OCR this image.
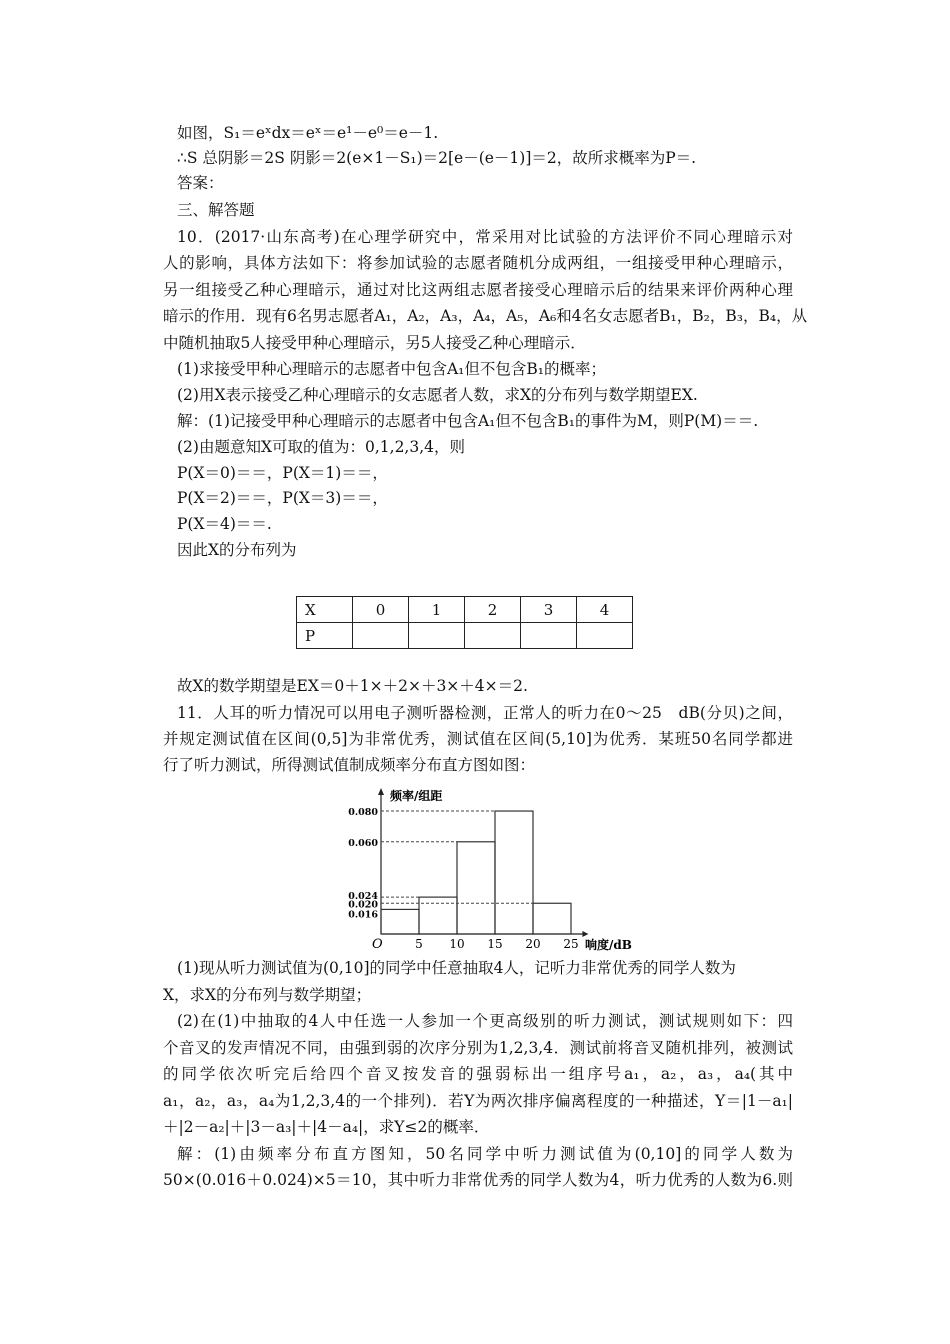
如图，S₁＝eˣdx＝eˣ＝e¹－e⁰＝e－1.
∴S 总阴影＝2S 阴影＝2(e×1－S₁)＝2[e－(e－1)]＝2，故所求概率为P＝.
答案：
三、解答题
10．(2017·山东高考)在心理学研究中，常采用对比试验的方法评价不同心理暗示对
人的影响，具体方法如下：将参加试验的志愿者随机分成两组，一组接受甲种心理暗示，
另一组接受乙种心理暗示，通过对比这两组志愿者接受心理暗示后的结果来评价两种心理
暗示的作用．现有6名男志愿者A₁，A₂，A₃，A₄，A₅，A₆和4名女志愿者B₁，B₂，B₃，B₄，从
中随机抽取5人接受甲种心理暗示，另5人接受乙种心理暗示．
(1)求接受甲种心理暗示的志愿者中包含A₁但不包含B₁的概率；
(2)用X表示接受乙种心理暗示的女志愿者人数，求X的分布列与数学期望EX.
解：(1)记接受甲种心理暗示的志愿者中包含A₁但不包含B₁的事件为M，则P(M)＝＝.
(2)由题意知X可取的值为：0,1,2,3,4，则
P(X＝0)＝＝，P(X＝1)＝＝，
P(X＝2)＝＝，P(X＝3)＝＝，
P(X＝4)＝＝.
因此X的分布列为
X	0	1	2	3	4
P					
故X的数学期望是EX＝0＋1×＋2×＋3×＋4×＝2.
11．人耳的听力情况可以用电子测听器检测，正常人的听力在0～25　dB(分贝)之间，
并规定测试值在区间(0,5]为非常优秀，测试值在区间(5,10]为优秀．某班50名同学都进
行了听力测试，所得测试值制成频率分布直方图如图：
频率/组距
响度/dB
O	5 10 15 20 25
0.080
0.060
0.024
0.020
0.016
(1)现从听力测试值为(0,10]的同学中任意抽取4人，记听力非常优秀的同学人数为
X，求X的分布列与数学期望；
(2)在(1)中抽取的4人中任选一人参加一个更高级别的听力测试，测试规则如下：四
个音叉的发声情况不同，由强到弱的次序分别为1,2,3,4．测试前将音叉随机排列，被测试
的同学依次听完后给四个音叉按发音的强弱标出一组序号a₁，a₂，a₃，a₄(其中
a₁，a₂，a₃，a₄为1,2,3,4的一个排列)．若Y为两次排序偏离程度的一种描述，Y＝|1－a₁|
＋|2－a₂|＋|3－a₃|＋|4－a₄|，求Y≤2的概率．
解：(1)由频率分布直方图知，50名同学中听力测试值为(0,10]的同学人数为
50×(0.016＋0.024)×5＝10，其中听力非常优秀的同学人数为4，听力优秀的人数为6.则
